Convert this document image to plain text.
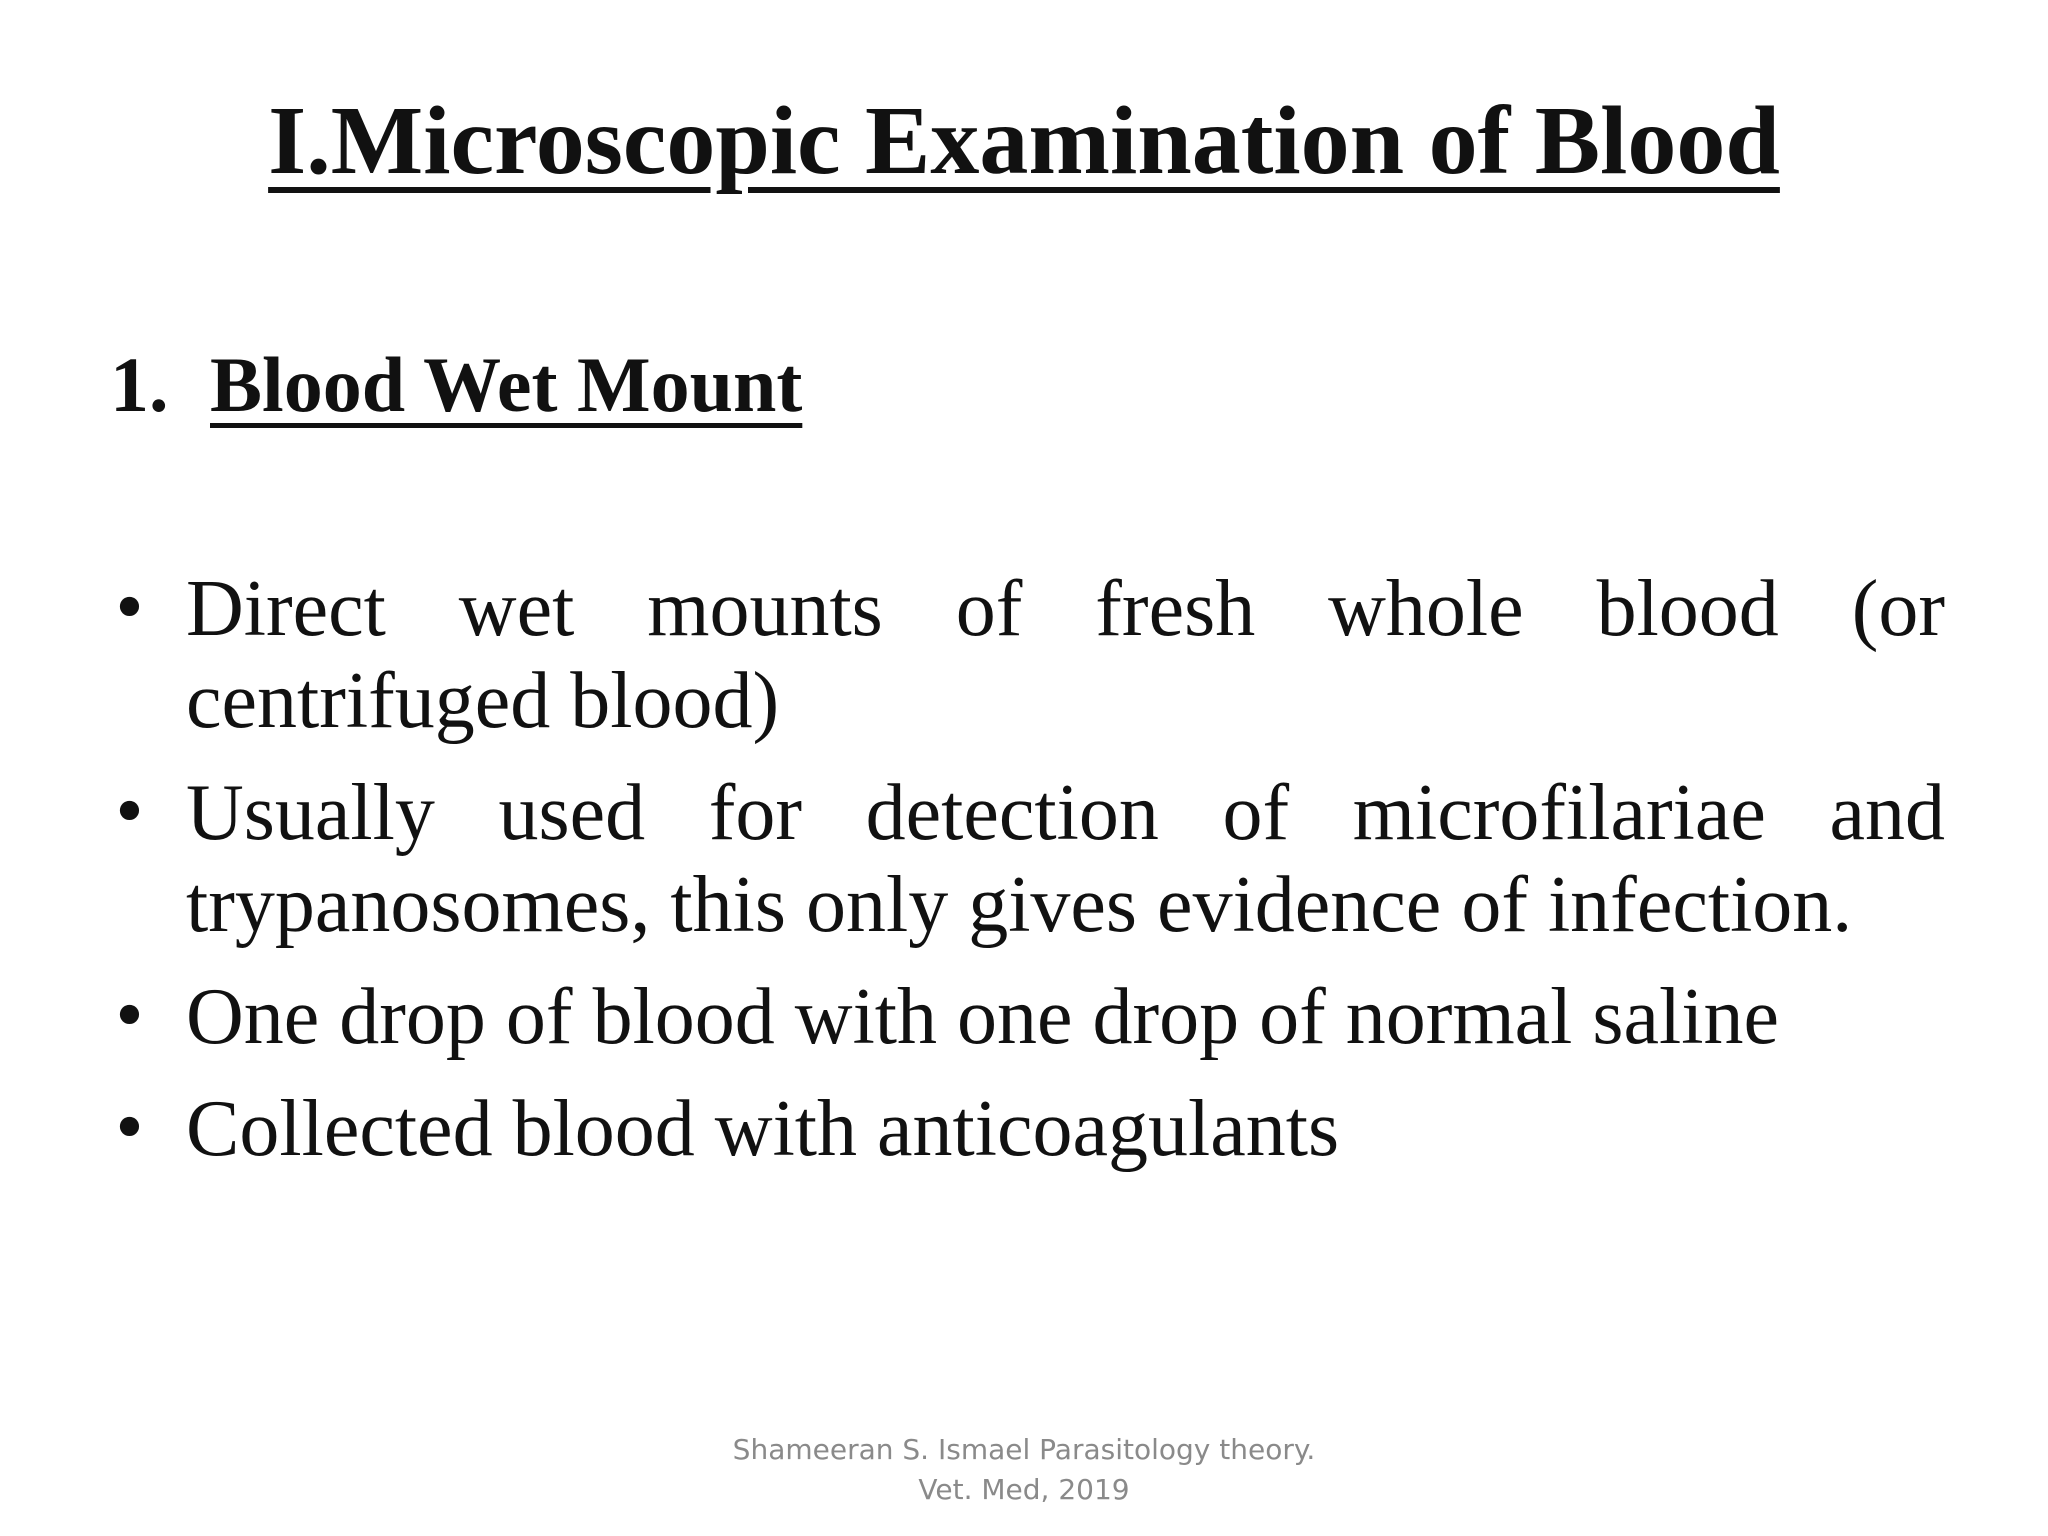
I.Microscopic Examination of Blood
1. Blood Wet Mount
• Direct wet mounts of fresh whole blood (or centrifuged blood)
• Usually used for detection of microfilariae and trypanosomes, this only gives evidence of infection.
• One drop of blood with one drop of normal saline
• Collected blood with anticoagulants
Shameeran S. Ismael Parasitology theory.
Vet. Med, 2019
